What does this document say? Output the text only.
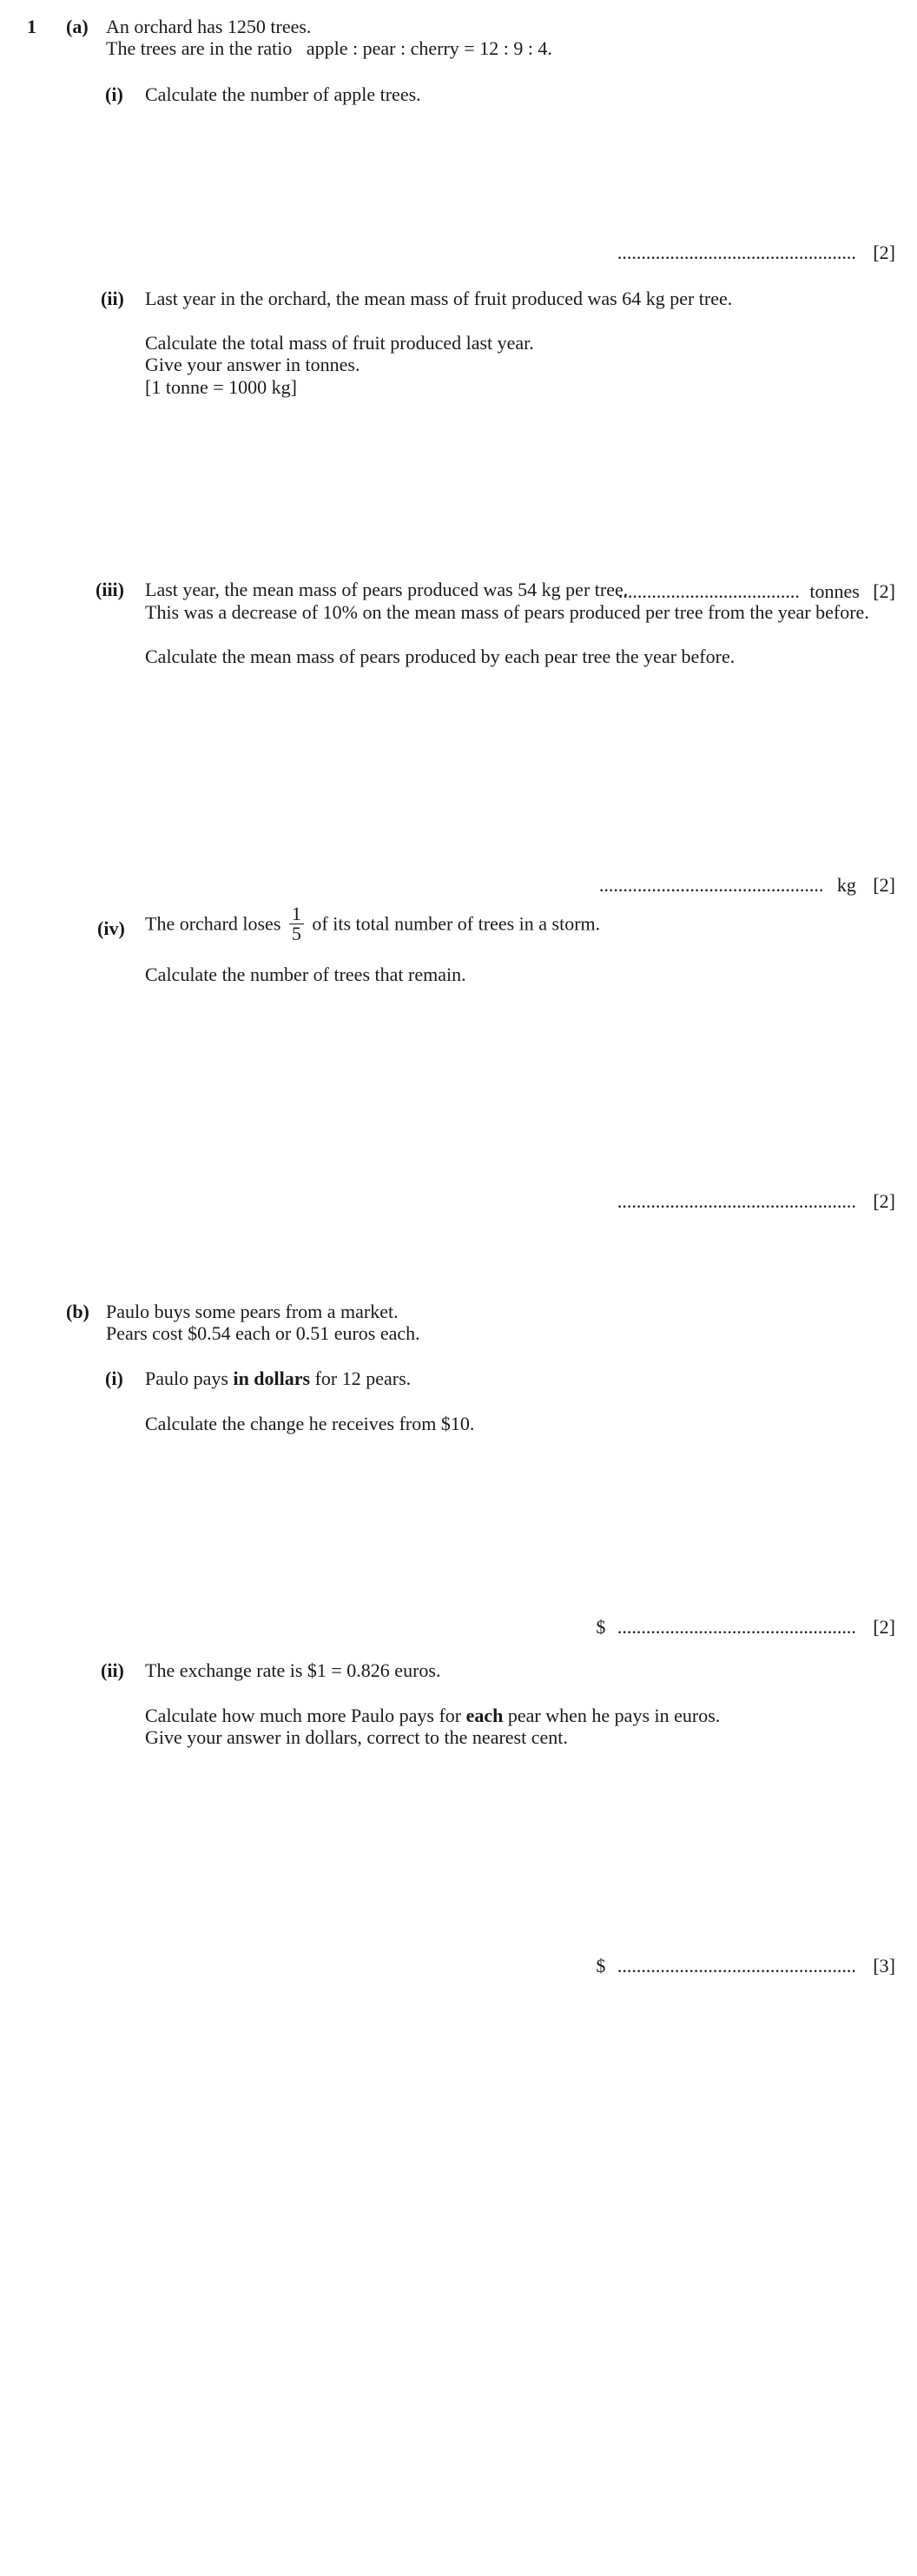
1 (a) An orchard has 1250 trees.
The trees are in the ratio   apple : pear : cherry = 12 : 9 : 4.
(i) Calculate the number of apple trees.
.................................................. [2]
(ii) Last year in the orchard, the mean mass of fruit produced was 64 kg per tree.
Calculate the total mass of fruit produced last year.
Give your answer in tonnes.
[1 tonne = 1000 kg]
...................................... tonnes [2]
(iii) Last year, the mean mass of pears produced was 54 kg per tree.
This was a decrease of 10% on the mean mass of pears produced per tree from the year before.
Calculate the mean mass of pears produced by each pear tree the year before.
............................................... kg [2]
(iv) The orchard loses $\frac{1}{5}$ of its total number of trees in a storm.
Calculate the number of trees that remain.
.................................................. [2]
(b) Paulo buys some pears from a market.
Pears cost $0.54 each or 0.51 euros each.
(i) Paulo pays in dollars for 12 pears.
Calculate the change he receives from $10.
$ .................................................. [2]
(ii) The exchange rate is $1 = 0.826 euros.
Calculate how much more Paulo pays for each pear when he pays in euros.
Give your answer in dollars, correct to the nearest cent.
$ .................................................. [3]
